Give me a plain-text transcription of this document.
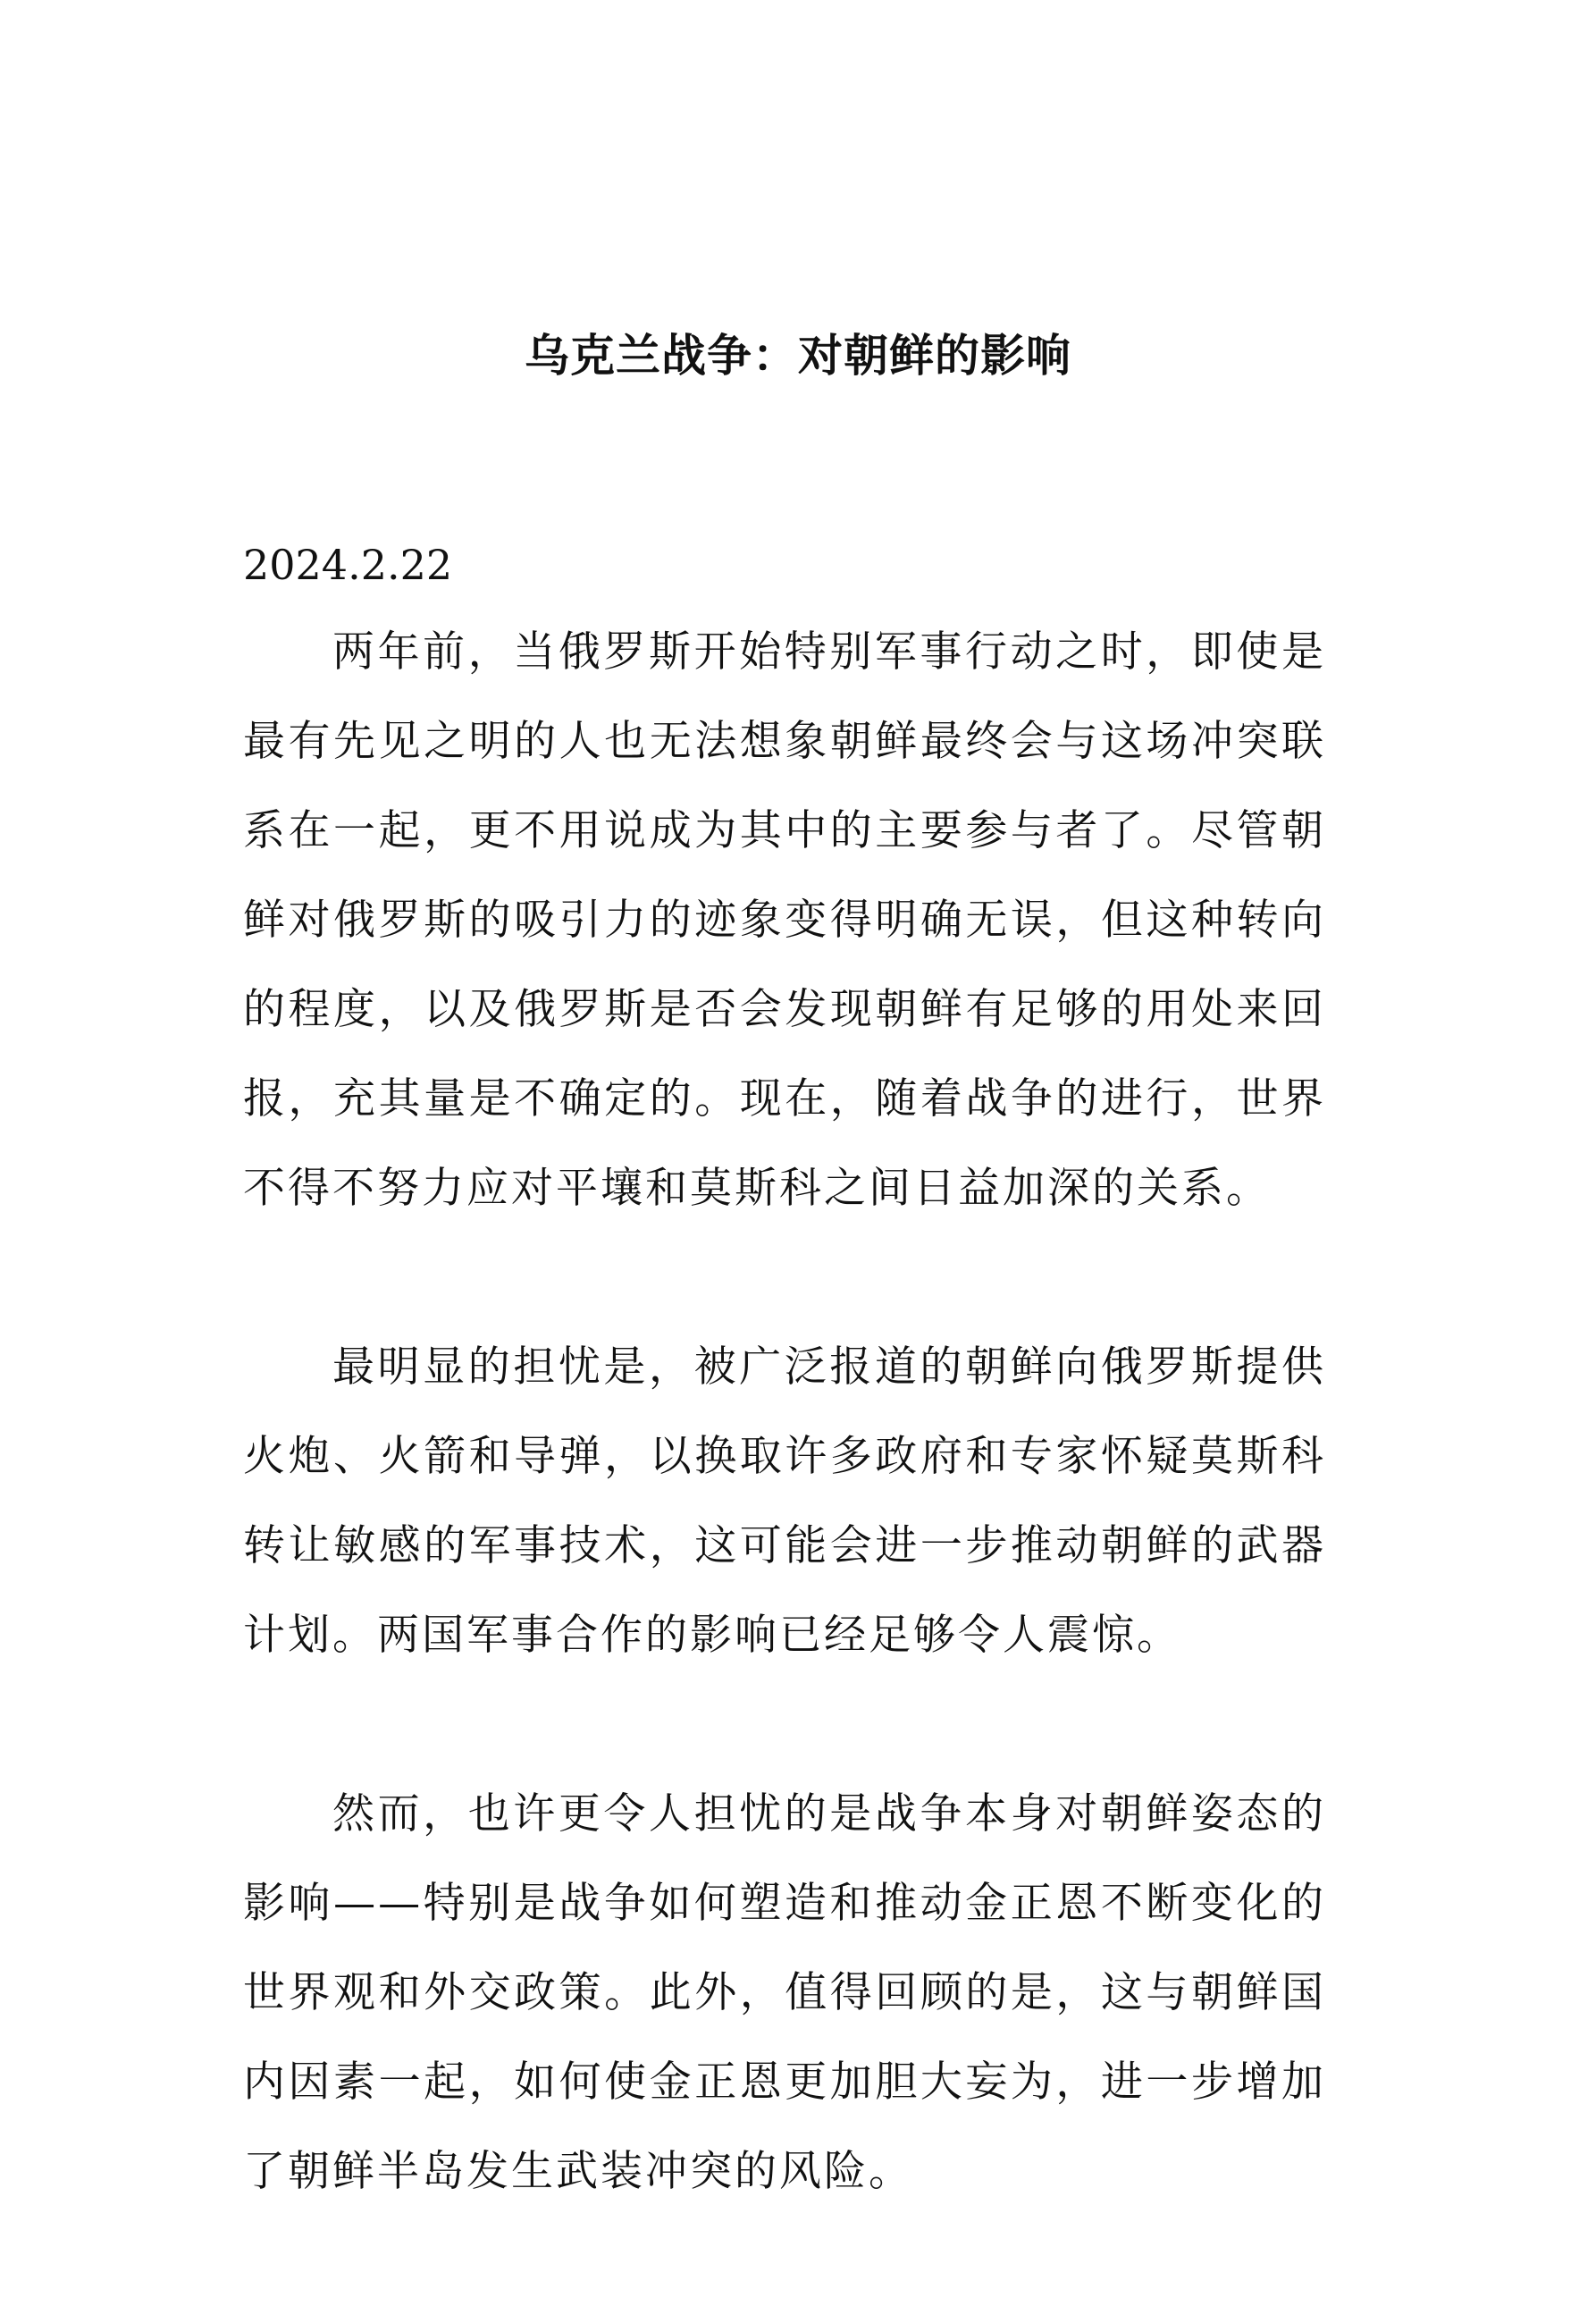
乌克兰战争：对朝鲜的影响
2024.2.22

两年前，当俄罗斯开始特别军事行动之时，即使是最有先见之明的人也无法想象朝鲜最终会与这场冲突联系在一起，更不用说成为其中的主要参与者了。尽管朝鲜对俄罗斯的吸引力的迹象变得明确无误，但这种转向的程度，以及俄罗斯是否会发现朝鲜有足够的用处来回报，充其量是不确定的。现在，随着战争的进行，世界不得不努力应对平壤和莫斯科之间日益加深的关系。

最明显的担忧是，被广泛报道的朝鲜向俄罗斯提供火炮、火箭和导弹，以换取许多政府和专家怀疑莫斯科转让敏感的军事技术，这可能会进一步推动朝鲜的武器计划。两国军事合作的影响已经足够令人震惊。

然而，也许更令人担忧的是战争本身对朝鲜姿态的影响——特别是战争如何塑造和推动金正恩不断变化的世界观和外交政策。此外，值得回顾的是，这与朝鲜国内因素一起，如何使金正恩更加胆大妄为，进一步增加了朝鲜半岛发生武装冲突的风险。
